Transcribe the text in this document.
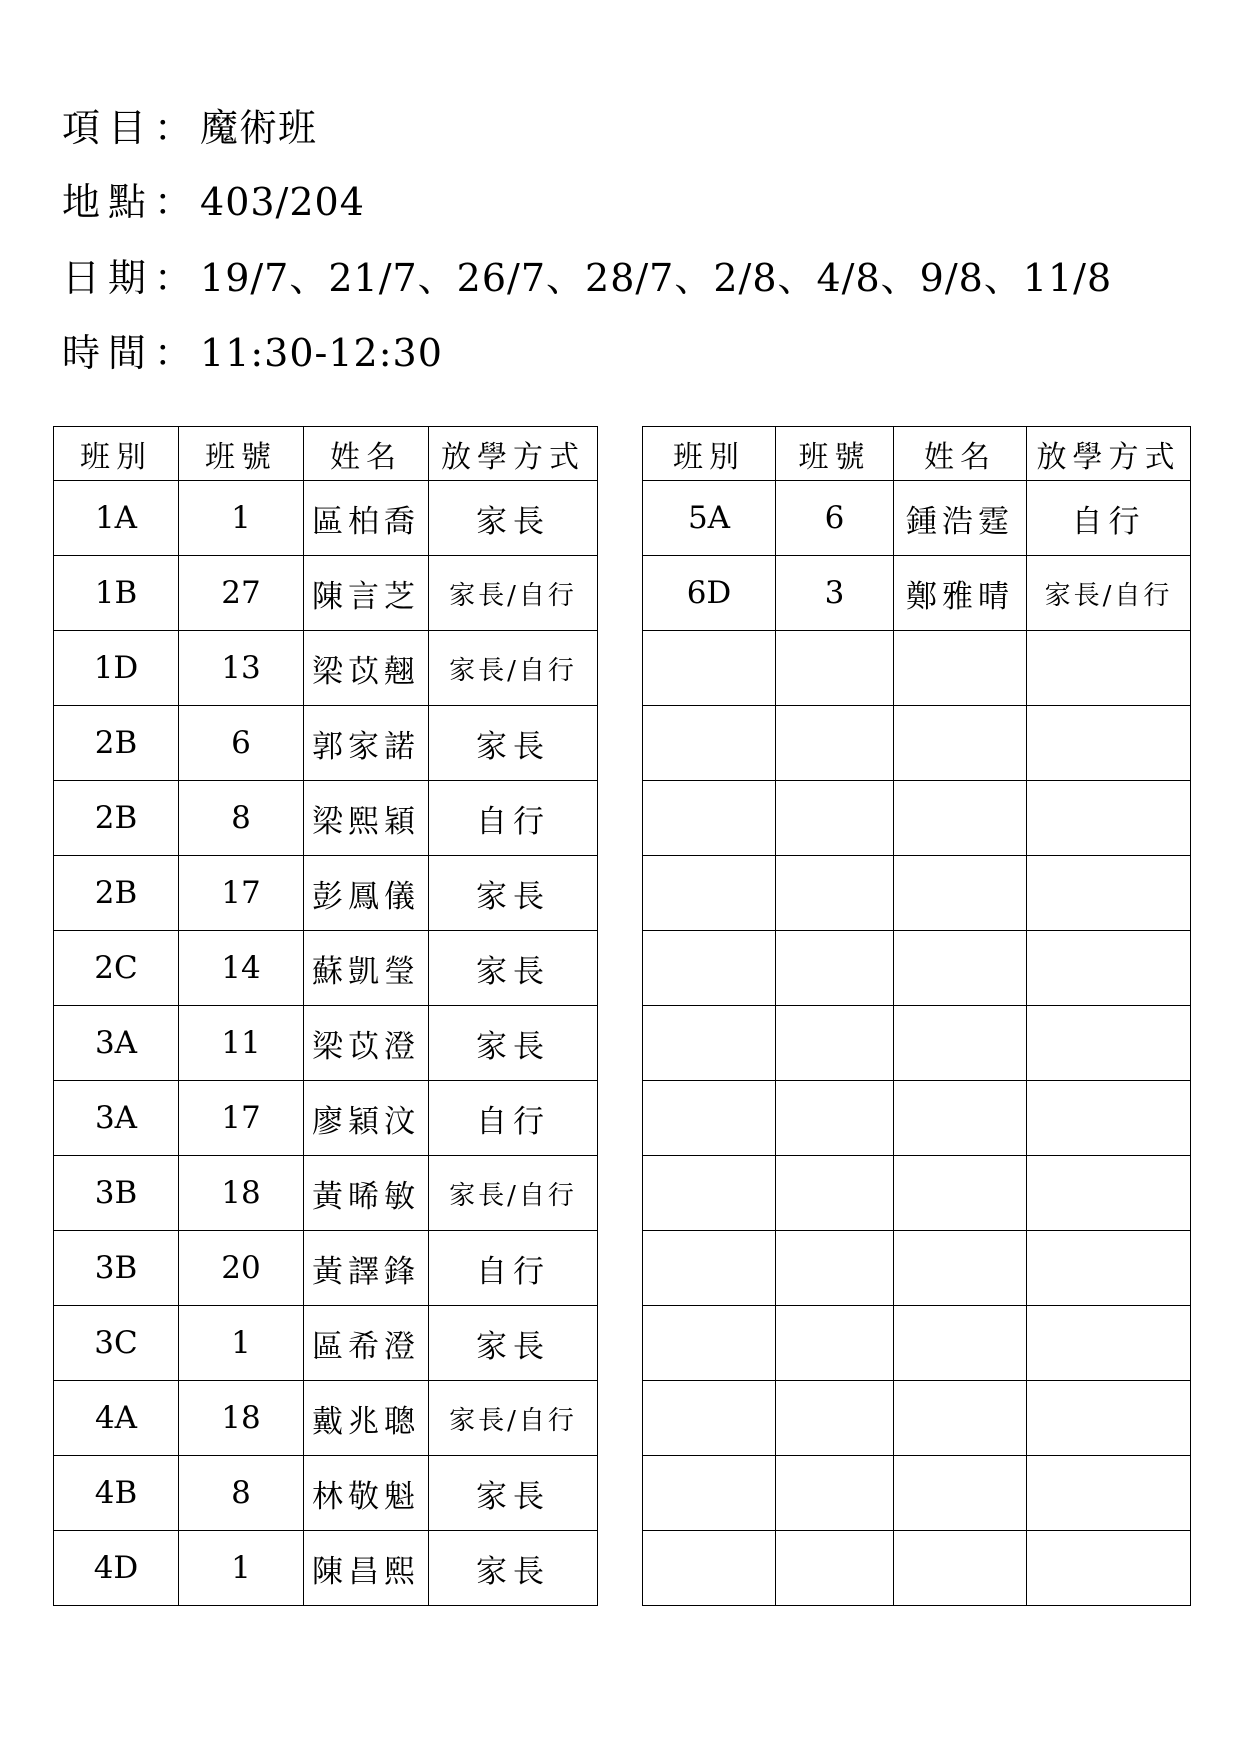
項目：魔術班
地點：403/204
日期：19/7、21/7、26/7、28/7、2/8、4/8、9/8、11/8
時間：11:30-12:30
班別	班號	姓名	放學方式
1A	1	區柏喬	家長
1B	27	陳言芝	家長/自行
1D	13	梁苡翹	家長/自行
2B	6	郭家諾	家長
2B	8	梁熙穎	自行
2B	17	彭鳳儀	家長
2C	14	蘇凱瑩	家長
3A	11	梁苡澄	家長
3A	17	廖穎汶	自行
3B	18	黃晞敏	家長/自行
3B	20	黃譯鋒	自行
3C	1	區希澄	家長
4A	18	戴兆聰	家長/自行
4B	8	林敬魁	家長
4D	1	陳昌熙	家長
班別	班號	姓名	放學方式
5A	6	鍾浩霆	自行
6D	3	鄭雅晴	家長/自行
